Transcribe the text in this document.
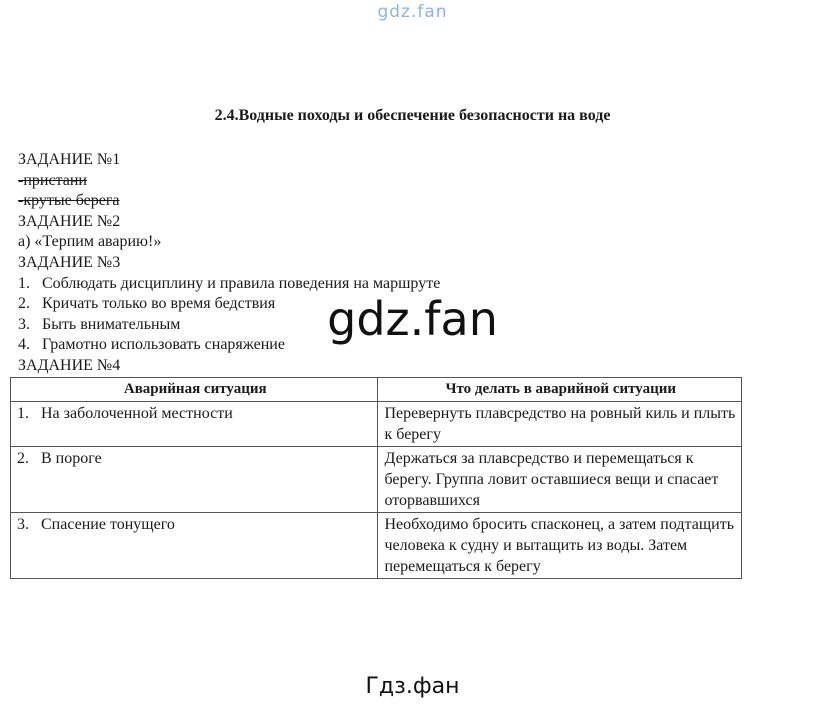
gdz.fan
2.4.Водные походы и обеспечение безопасности на воде
ЗАДАНИЕ №1
-пристани
-крутые берега
ЗАДАНИЕ №2
а) «Терпим аварию!»
ЗАДАНИЕ №3
1. Соблюдать дисциплину и правила поведения на маршруте
2. Кричать только во время бедствия
3. Быть внимательным
4. Грамотно использовать снаряжение
ЗАДАНИЕ №4
Аварийная ситуация	Что делать в аварийной ситуации
1. На заболоченной местности	Перевернуть плавсредство на ровный киль и плыть к берегу
2. В пороге	Держаться за плавсредство и перемещаться к берегу. Группа ловит оставшиеся вещи и спасает оторвавшихся
3. Спасение тонущего	Необходимо бросить спасконец, а затем подтащить человека к судну и вытащить из воды. Затем перемещаться к берегу
gdz.fan
Гдз.фан
